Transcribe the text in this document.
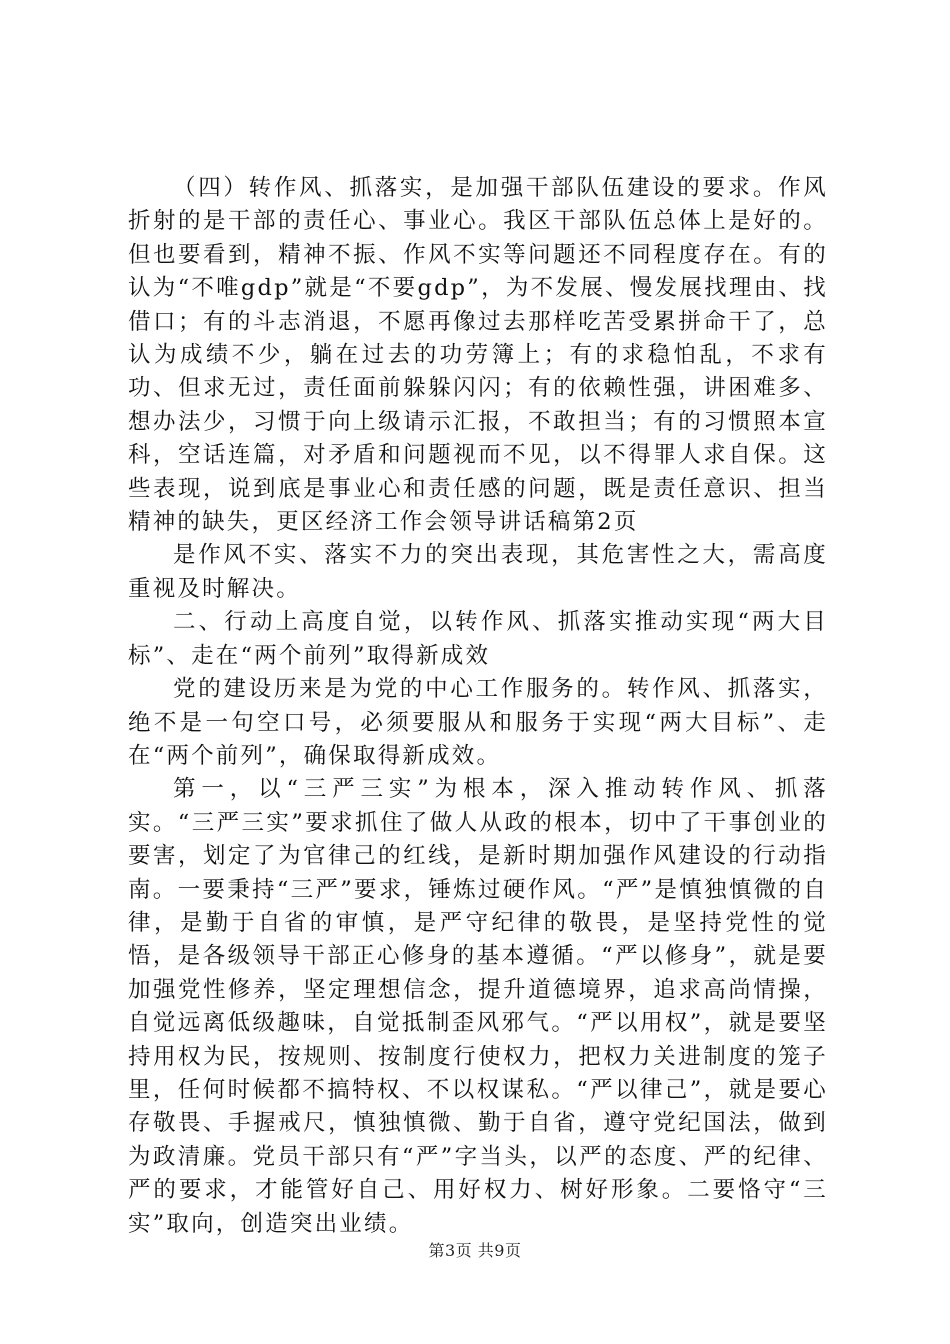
（四）转作风、抓落实，是加强干部队伍建设的要求。作风折射的是干部的责任心、事业心。我区干部队伍总体上是好的。但也要看到，精神不振、作风不实等问题还不同程度存在。有的认为“不唯gdp”就是“不要gdp”，为不发展、慢发展找理由、找借口；有的斗志消退，不愿再像过去那样吃苦受累拼命干了，总认为成绩不少，躺在过去的功劳簿上；有的求稳怕乱，不求有功、但求无过，责任面前躲躲闪闪；有的依赖性强，讲困难多、想办法少，习惯于向上级请示汇报，不敢担当；有的习惯照本宣科，空话连篇，对矛盾和问题视而不见，以不得罪人求自保。这些表现，说到底是事业心和责任感的问题，既是责任意识、担当精神的缺失，更区经济工作会领导讲话稿第2页

是作风不实、落实不力的突出表现，其危害性之大，需高度重视及时解决。

二、行动上高度自觉，以转作风、抓落实推动实现“两大目标”、走在“两个前列”取得新成效

党的建设历来是为党的中心工作服务的。转作风、抓落实，绝不是一句空口号，必须要服从和服务于实现“两大目标”、走在“两个前列”，确保取得新成效。

第一，以“三严三实”为根本，深入推动转作风、抓落实。“三严三实”要求抓住了做人从政的根本，切中了干事创业的要害，划定了为官律己的红线，是新时期加强作风建设的行动指南。一要秉持“三严”要求，锤炼过硬作风。“严”是慎独慎微的自律，是勤于自省的审慎，是严守纪律的敬畏，是坚持党性的觉悟，是各级领导干部正心修身的基本遵循。“严以修身”，就是要加强党性修养，坚定理想信念，提升道德境界，追求高尚情操，自觉远离低级趣味，自觉抵制歪风邪气。“严以用权”，就是要坚持用权为民，按规则、按制度行使权力，把权力关进制度的笼子里，任何时候都不搞特权、不以权谋私。“严以律己”，就是要心存敬畏、手握戒尺，慎独慎微、勤于自省，遵守党纪国法，做到为政清廉。党员干部只有“严”字当头，以严的态度、严的纪律、严的要求，才能管好自己、用好权力、树好形象。二要恪守“三实”取向，创造突出业绩。

第3页 共9页
